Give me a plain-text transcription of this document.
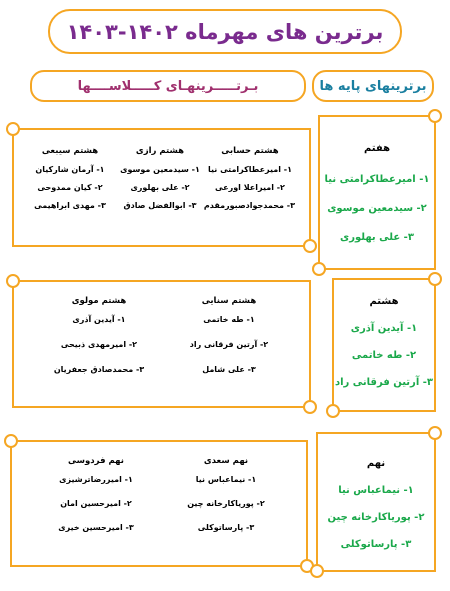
برترین های مهرماه ۱۴۰۲-۱۴۰۳
بـرتـــــرینهـای کـــــلاســــها	برترینهای پایه ها
هشتم حسابی
۱- امیرعطاکرامتی نیا
۲- امیراعلا اورعی
۳- محمدجوادصبورمقدم
هشتم رازی
۱- سیدمعین موسوی
۲- علی بهلوری
۳- ابوالفضل صادق
هشتم سیبعی
۱- آرمان شارکیان
۲- کیان ممدوحی
۳- مهدی ابراهیمی
هشتم سنایی
۱- طه خاتمی
۲- آرتین فرقانی راد
۳- علی شامل
هشتم مولوی
۱- آیدین آذری
۲- امیرمهدی ذبیحی
۳- محمدصادق جعفریان
نهم سعدی
۱- نیماعباس نیا
۲- پوریاکارخانه چین
۳- پارساتوکلی
نهم فردوسی
۱- امیررضاترشیزی
۲- امیرحسین امان
۳- امیرحسین خیری
هفتم
۱- امیرعطاکرامتی نیا
۲- سیدمعین موسوی
۳- علی بهلوری
هشتم
۱- آیدین آذری
۲- طه خاتمی
۳- آرتین فرقانی راد
نهم
۱- نیماعباس نیا
۲- پوریاکارخانه چین
۳- پارساتوکلی
